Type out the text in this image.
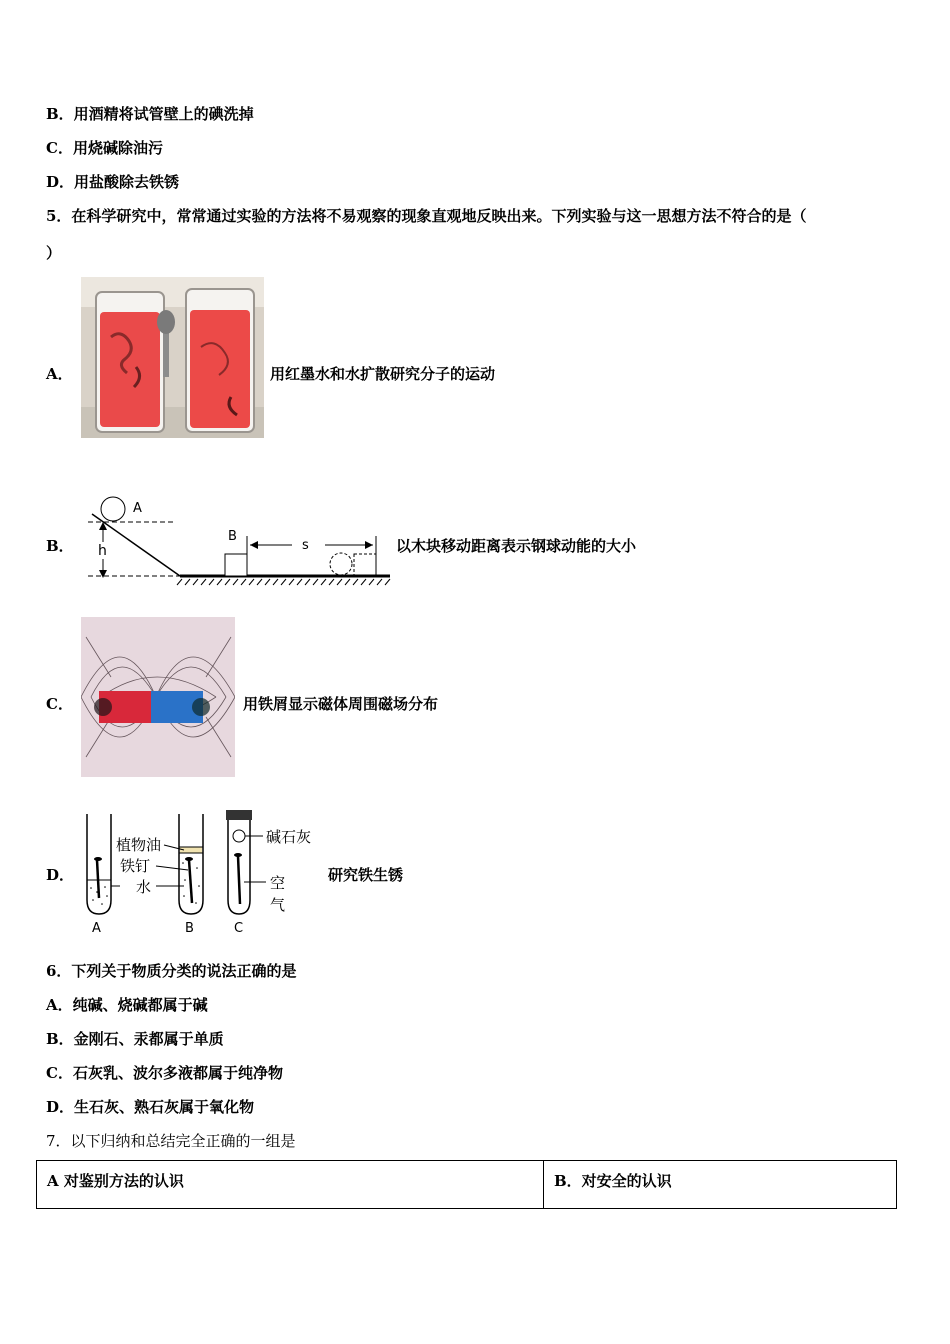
B．用酒精将试管壁上的碘洗掉
C．用烧碱除油污
D．用盐酸除去铁锈
5．在科学研究中，常常通过实验的方法将不易观察的现象直观地反映出来。下列实验与这一思想方法不符合的是（
）
A．	用红墨水和水扩散研究分子的运动
B．
A
h
B
s	以木块移动距离表示钢球动能的大小
C．	用铁屑显示磁体周围磁场分布
D．
A	B
植物油
铁钉
水
碱石灰
空
气
C
研究铁生锈
6．下列关于物质分类的说法正确的是
A．纯碱、烧碱都属于碱
B．金刚石、汞都属于单质
C．石灰乳、波尔多液都属于纯净物
D．生石灰、熟石灰属于氧化物
7．以下归纳和总结完全正确的一组是
A 对鉴别方法的认识	B．对安全的认识
